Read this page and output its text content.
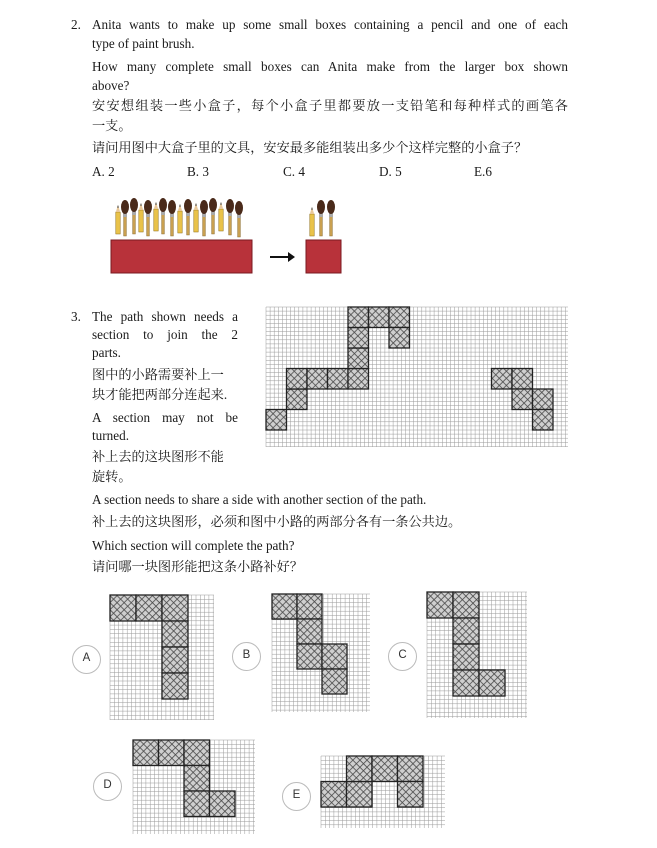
2. Anita wants to make up some small boxes containing a pencil and one of each
type of paint brush.
How many complete small boxes can Anita make from the larger box shown
above?
安安想组装一些小盒子，每个小盒子里都要放一支铅笔和每种样式的画笔各
一支。
请问用图中大盒子里的文具，安安最多能组装出多少个这样完整的小盒子？
A. 2	B. 3	C. 4	D. 5	E.6
3. The path shown needs a
section to join the 2
parts.
图中的小路需要补上一
块才能把两部分连起来.
A section may not be
turned.
补上去的这块图形不能
旋转。
A section needs to share a side with another section of the path.
补上去的这块图形，必须和图中小路的两部分各有一条公共边。
Which section will complete the path?
请问哪一块图形能把这条小路补好？
A	B	C
D
E
